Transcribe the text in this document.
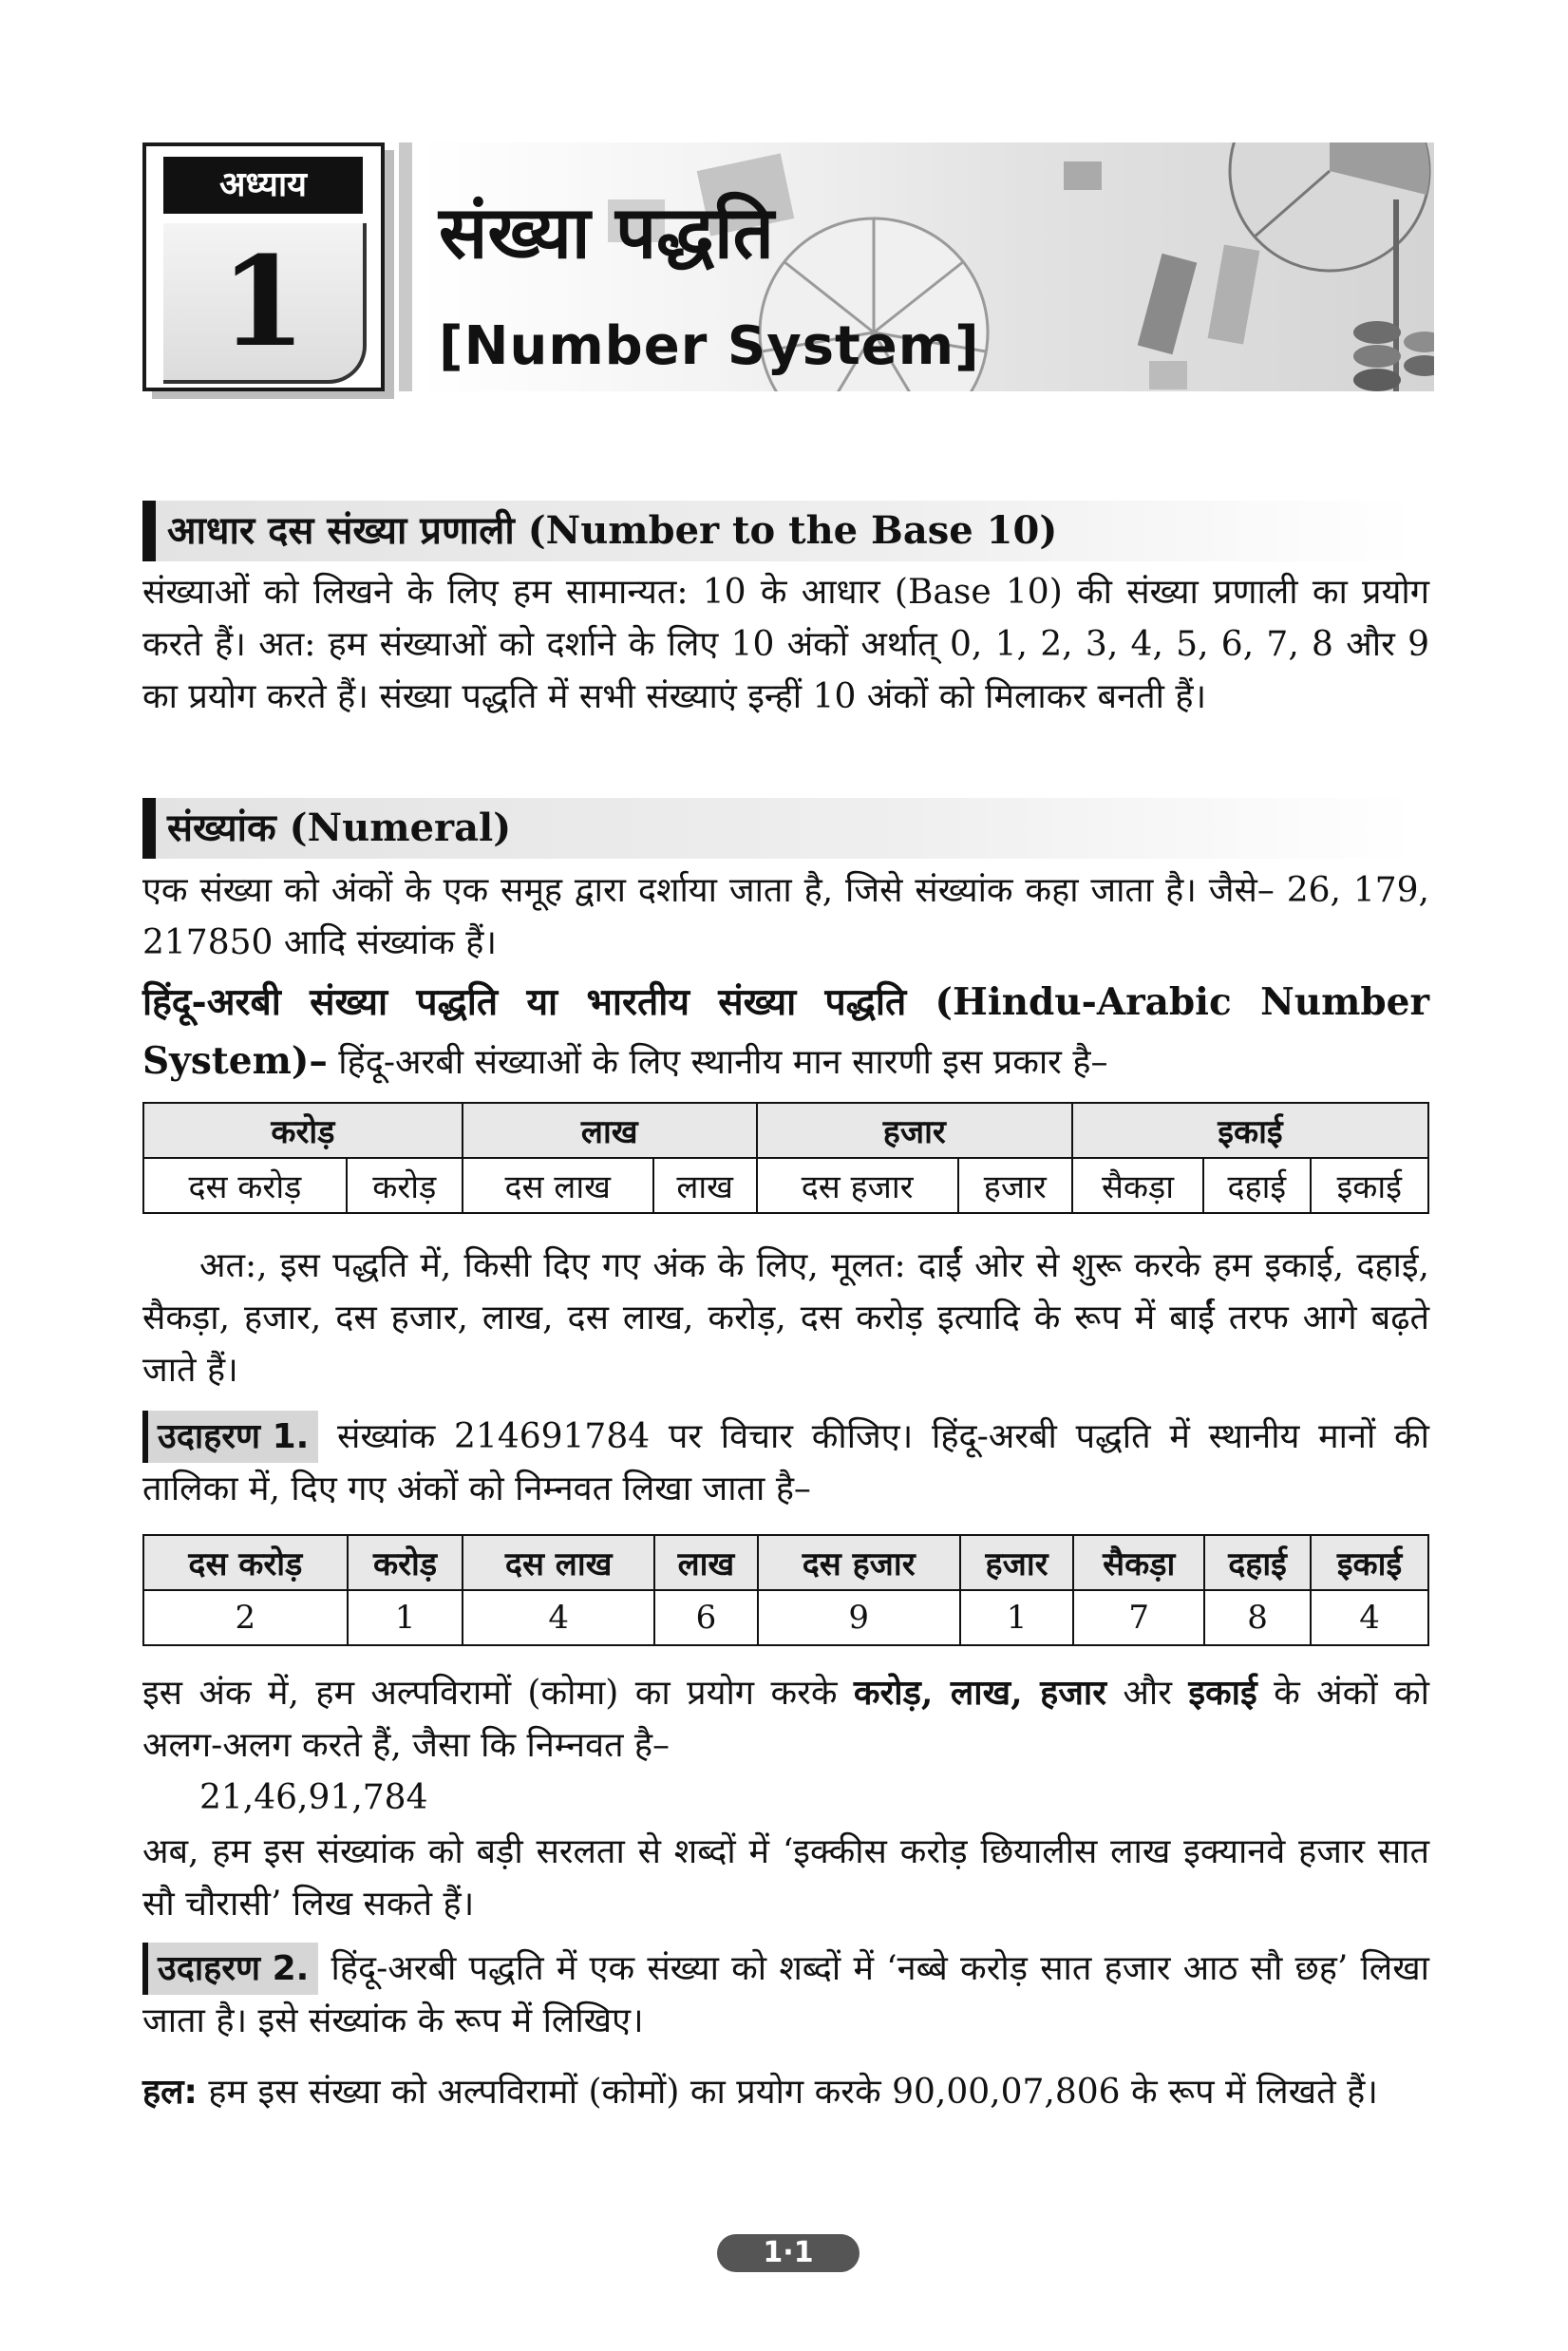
अध्याय
1	संख्या पद्धति
[Number System]
आधार दस संख्या प्रणाली (Number to the Base 10)
संख्याओं को लिखने के लिए हम सामान्यत: 10 के आधार (Base 10) की संख्या प्रणाली का प्रयोग करते हैं। अत: हम संख्याओं को दर्शाने के लिए 10 अंकों अर्थात् 0, 1, 2, 3, 4, 5, 6, 7, 8 और 9 का प्रयोग करते हैं। संख्या पद्धति में सभी संख्याएं इन्हीं 10 अंकों को मिलाकर बनती हैं।
संख्यांक (Numeral)
एक संख्या को अंकों के एक समूह द्वारा दर्शाया जाता है, जिसे संख्यांक कहा जाता है। जैसे– 26, 179, 217850 आदि संख्यांक हैं।
हिंदू-अरबी संख्या पद्धति या भारतीय संख्या पद्धति (Hindu-Arabic Number System)– हिंदू-अरबी संख्याओं के लिए स्थानीय मान सारणी इस प्रकार है–
करोड़		लाख		हजार		इकाई		
दस करोड़	करोड़	दस लाख	लाख	दस हजार	हजार	सैकड़ा	दहाई	इकाई
अत:, इस पद्धति में, किसी दिए गए अंक के लिए, मूलत: दाईं ओर से शुरू करके हम इकाई, दहाई, सैकड़ा, हजार, दस हजार, लाख, दस लाख, करोड़, दस करोड़ इत्यादि के रूप में बाईं तरफ आगे बढ़ते जाते हैं।
उदाहरण 1. संख्यांक 214691784 पर विचार कीजिए। हिंदू-अरबी पद्धति में स्थानीय मानों की तालिका में, दिए गए अंकों को निम्नवत लिखा जाता है–
दस करोड़	करोड़	दस लाख	लाख	दस हजार	हजार	सैकड़ा	दहाई	इकाई
2	1	4	6	9	1	7	8	4
इस अंक में, हम अल्पविरामों (कोमा) का प्रयोग करके करोड़, लाख, हजार और इकाई के अंकों को अलग-अलग करते हैं, जैसा कि निम्नवत है–
21,46,91,784
अब, हम इस संख्यांक को बड़ी सरलता से शब्दों में ‘इक्कीस करोड़ छियालीस लाख इक्यानवे हजार सात सौ चौरासी’ लिख सकते हैं।
उदाहरण 2. हिंदू-अरबी पद्धति में एक संख्या को शब्दों में ‘नब्बे करोड़ सात हजार आठ सौ छह’ लिखा जाता है। इसे संख्यांक के रूप में लिखिए।
हल: हम इस संख्या को अल्पविरामों (कोमों) का प्रयोग करके 90,00,07,806 के रूप में लिखते हैं।
1·1
